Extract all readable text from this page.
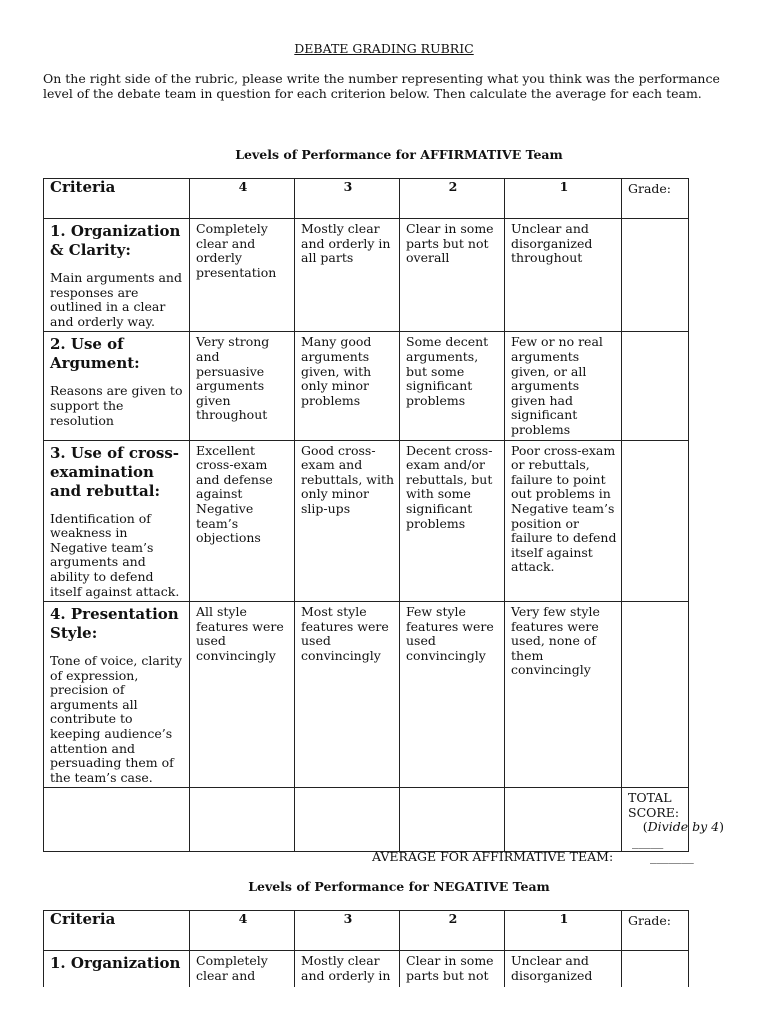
DEBATE GRADING RUBRIC
On the right side of the rubric, please write the number representing what you think was the performance level of the debate team in question for each criterion below. Then calculate the average for each team.
Levels of Performance for AFFIRMATIVE Team
Criteria	4	3	2	1	Grade:

1. Organization & Clarity:
Main arguments and responses are outlined in a clear and orderly way.	Completely clear and orderly presentation	Mostly clear and orderly in all parts	Clear in some parts but not overall	Unclear and disorganized throughout	

2. Use of Argument:
Reasons are given to support the resolution	Very strong and persuasive arguments given throughout	Many good arguments given, with only minor problems	Some decent arguments, but some significant problems	Few or no real arguments given, or all arguments given had significant problems	

3. Use of cross-examination and rebuttal:
Identification of weakness in Negative team’s arguments and ability to defend itself against attack.	Excellent cross-exam and defense against Negative team’s objections	Good cross-exam and rebuttals, with only minor slip-ups	Decent cross-exam and/or rebuttals, but with some significant problems	Poor cross-exam or rebuttals, failure to point out problems in Negative team’s position or failure to defend itself against attack.	

4. Presentation Style:
Tone of voice, clarity of expression, precision of arguments all contribute to keeping audience’s attention and persuading them of the team’s case.	All style features were used convincingly	Most style features were used convincingly	Few style features were used convincingly	Very few style features were used, none of them convincingly	
					TOTAL SCORE:
_____
(Divide by 4)
AVERAGE FOR AFFIRMATIVE TEAM:	_______
Levels of Performance for NEGATIVE Team
Criteria	4	3	2	1	Grade:

1. Organization	Completely clear and	Mostly clear and orderly in	Clear in some parts but not	Unclear and disorganized	
